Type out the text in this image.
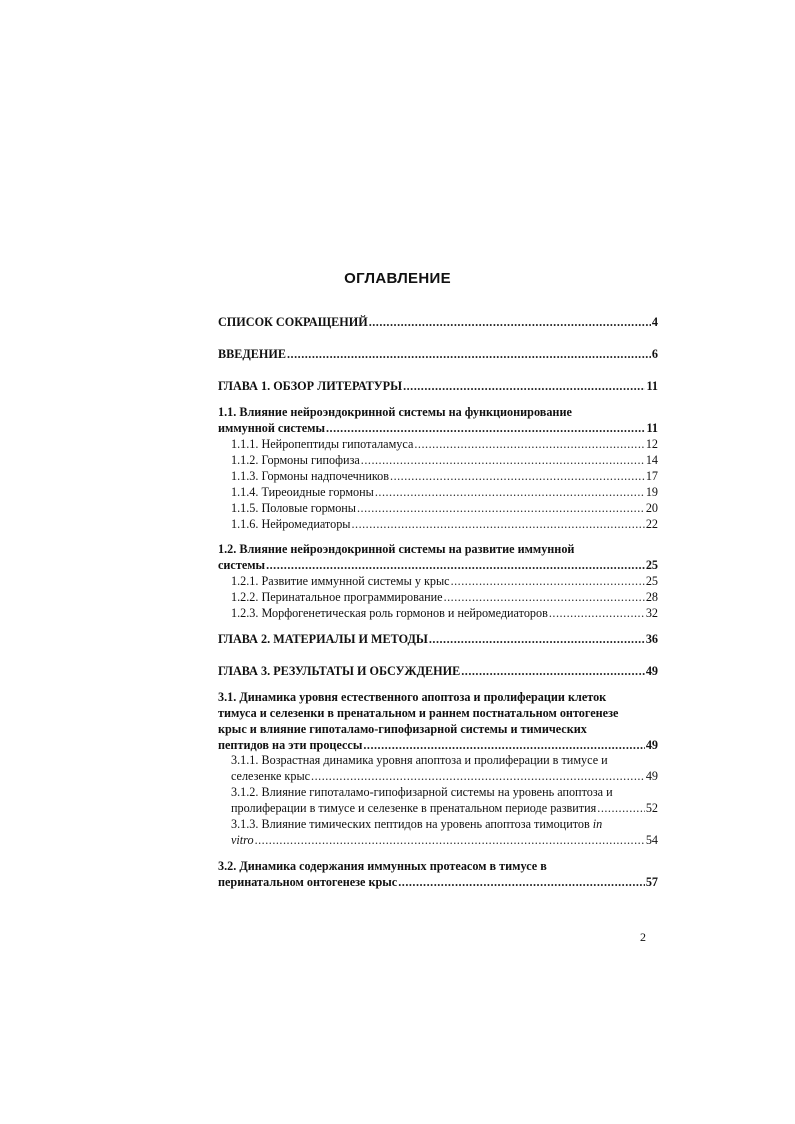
ОГЛАВЛЕНИЕ
СПИСОК СОКРАЩЕНИЙ .....	4
ВВЕДЕНИЕ .....	6
ГЛАВА 1. ОБЗОР ЛИТЕРАТУРЫ .....	11
1.1. Влияние нейроэндокринной системы на функционирование
иммунной системы .....	11
1.1.1. Нейропептиды гипоталамуса .....	12
1.1.2. Гормоны гипофиза .....	14
1.1.3. Гормоны надпочечников .....	17
1.1.4. Тиреоидные гормоны .....	19
1.1.5. Половые гормоны .....	20
1.1.6. Нейромедиаторы .....	22
1.2. Влияние нейроэндокринной системы на развитие иммунной
системы .....	25
1.2.1. Развитие иммунной системы у крыс .....	25
1.2.2. Перинатальное программирование .....	28
1.2.3. Морфогенетическая роль гормонов и нейромедиаторов .....	32
ГЛАВА 2. МАТЕРИАЛЫ И МЕТОДЫ .....	36
ГЛАВА 3. РЕЗУЛЬТАТЫ И ОБСУЖДЕНИЕ .....	49
3.1. Динамика уровня естественного апоптоза и пролиферации клеток
тимуса и селезенки в пренатальном и раннем постнатальном онтогенезе
крыс и влияние гипоталамо-гипофизарной системы и тимических
пептидов на эти процессы .....	49
3.1.1. Возрастная динамика уровня апоптоза и пролиферации в тимусе и
селезенке крыс .....	49
3.1.2. Влияние гипоталамо-гипофизарной системы на уровень апоптоза и
пролиферации в тимусе и селезенке в пренатальном периоде развития .....	52
3.1.3. Влияние тимических пептидов на уровень апоптоза тимоцитов in
vitro .....	54
3.2. Динамика содержания иммунных протеасом в тимусе в
перинатальном онтогенезе крыс .....	57
2
